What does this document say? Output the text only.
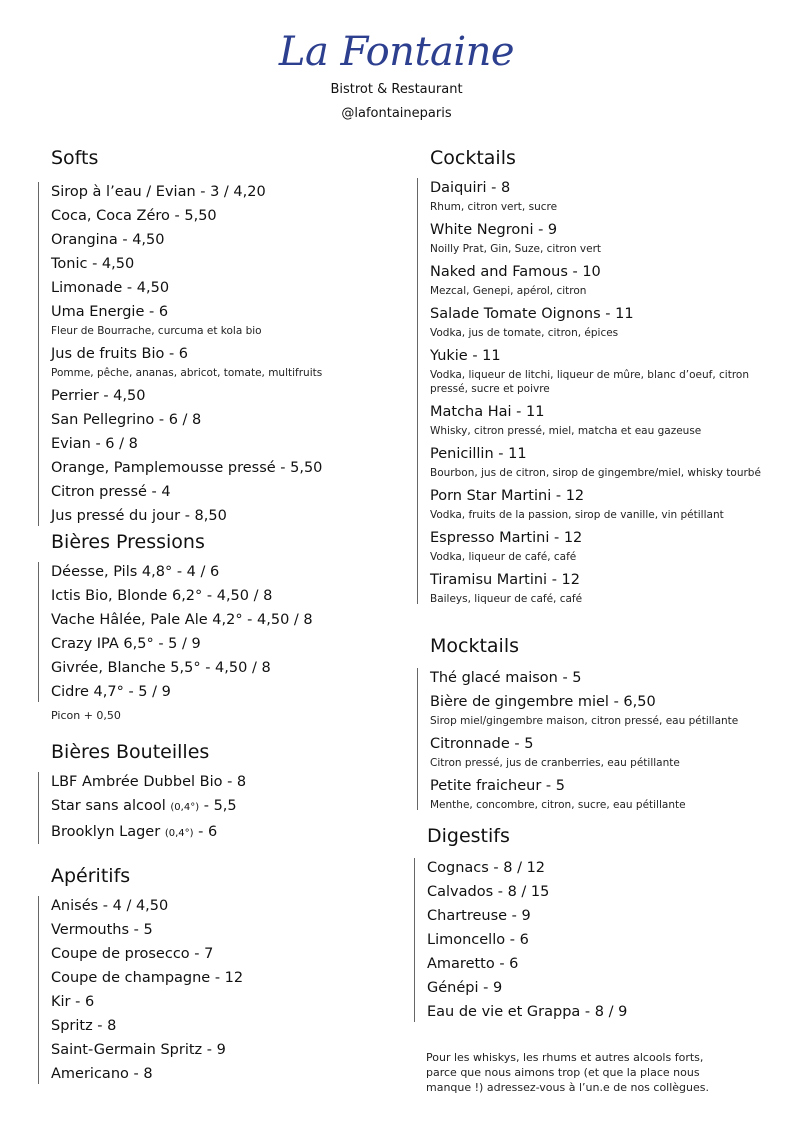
La Fontaine
Bistrot & Restaurant
@lafontaineparis
Softs
Sirop à l’eau / Evian - 3 / 4,20
Coca, Coca Zéro - 5,50
Orangina - 4,50
Tonic - 4,50
Limonade - 4,50
Uma Energie - 6
Fleur de Bourrache, curcuma et kola bio
Jus de fruits Bio - 6
Pomme, pêche, ananas, abricot, tomate, multifruits
Perrier - 4,50
San Pellegrino - 6 / 8
Evian - 6 / 8
Orange, Pamplemousse pressé - 5,50
Citron pressé - 4
Jus pressé du jour - 8,50
Bières Pressions
Déesse, Pils 4,8° - 4 / 6
Ictis Bio, Blonde 6,2° - 4,50 / 8
Vache Hâlée, Pale Ale 4,2° - 4,50 / 8
Crazy IPA 6,5° - 5 / 9
Givrée, Blanche 5,5° - 4,50 / 8
Cidre 4,7° - 5 / 9
Picon + 0,50
Bières Bouteilles
LBF Ambrée Dubbel Bio - 8
Star sans alcool (0,4°) - 5,5
Brooklyn Lager (0,4°) - 6
Apéritifs
Anisés - 4 / 4,50
Vermouths - 5
Coupe de prosecco - 7
Coupe de champagne - 12
Kir - 6
Spritz - 8
Saint-Germain Spritz - 9
Americano - 8
Cocktails
Daiquiri - 8
Rhum, citron vert, sucre
White Negroni - 9
Noilly Prat, Gin, Suze, citron vert
Naked and Famous - 10
Mezcal, Genepi, apérol, citron
Salade Tomate Oignons - 11
Vodka, jus de tomate, citron, épices
Yukie - 11
Vodka, liqueur de litchi, liqueur de mûre, blanc d’oeuf, citron pressé, sucre et poivre
Matcha Hai - 11
Whisky, citron pressé, miel, matcha et eau gazeuse
Penicillin - 11
Bourbon, jus de citron, sirop de gingembre/miel, whisky tourbé
Porn Star Martini - 12
Vodka, fruits de la passion, sirop de vanille, vin pétillant
Espresso Martini - 12
Vodka, liqueur de café, café
Tiramisu Martini - 12
Baileys, liqueur de café, café
Mocktails
Thé glacé maison - 5
Bière de gingembre miel - 6,50
Sirop miel/gingembre maison, citron pressé, eau pétillante
Citronnade - 5
Citron pressé, jus de cranberries, eau pétillante
Petite fraicheur - 5
Menthe, concombre, citron, sucre, eau pétillante
Digestifs
Cognacs - 8 / 12
Calvados - 8 / 15
Chartreuse - 9
Limoncello - 6
Amaretto - 6
Génépi - 9
Eau de vie et Grappa - 8 / 9
Pour les whiskys, les rhums et autres alcools forts, parce que nous aimons trop (et que la place nous manque !) adressez-vous à l’un.e de nos collègues.
